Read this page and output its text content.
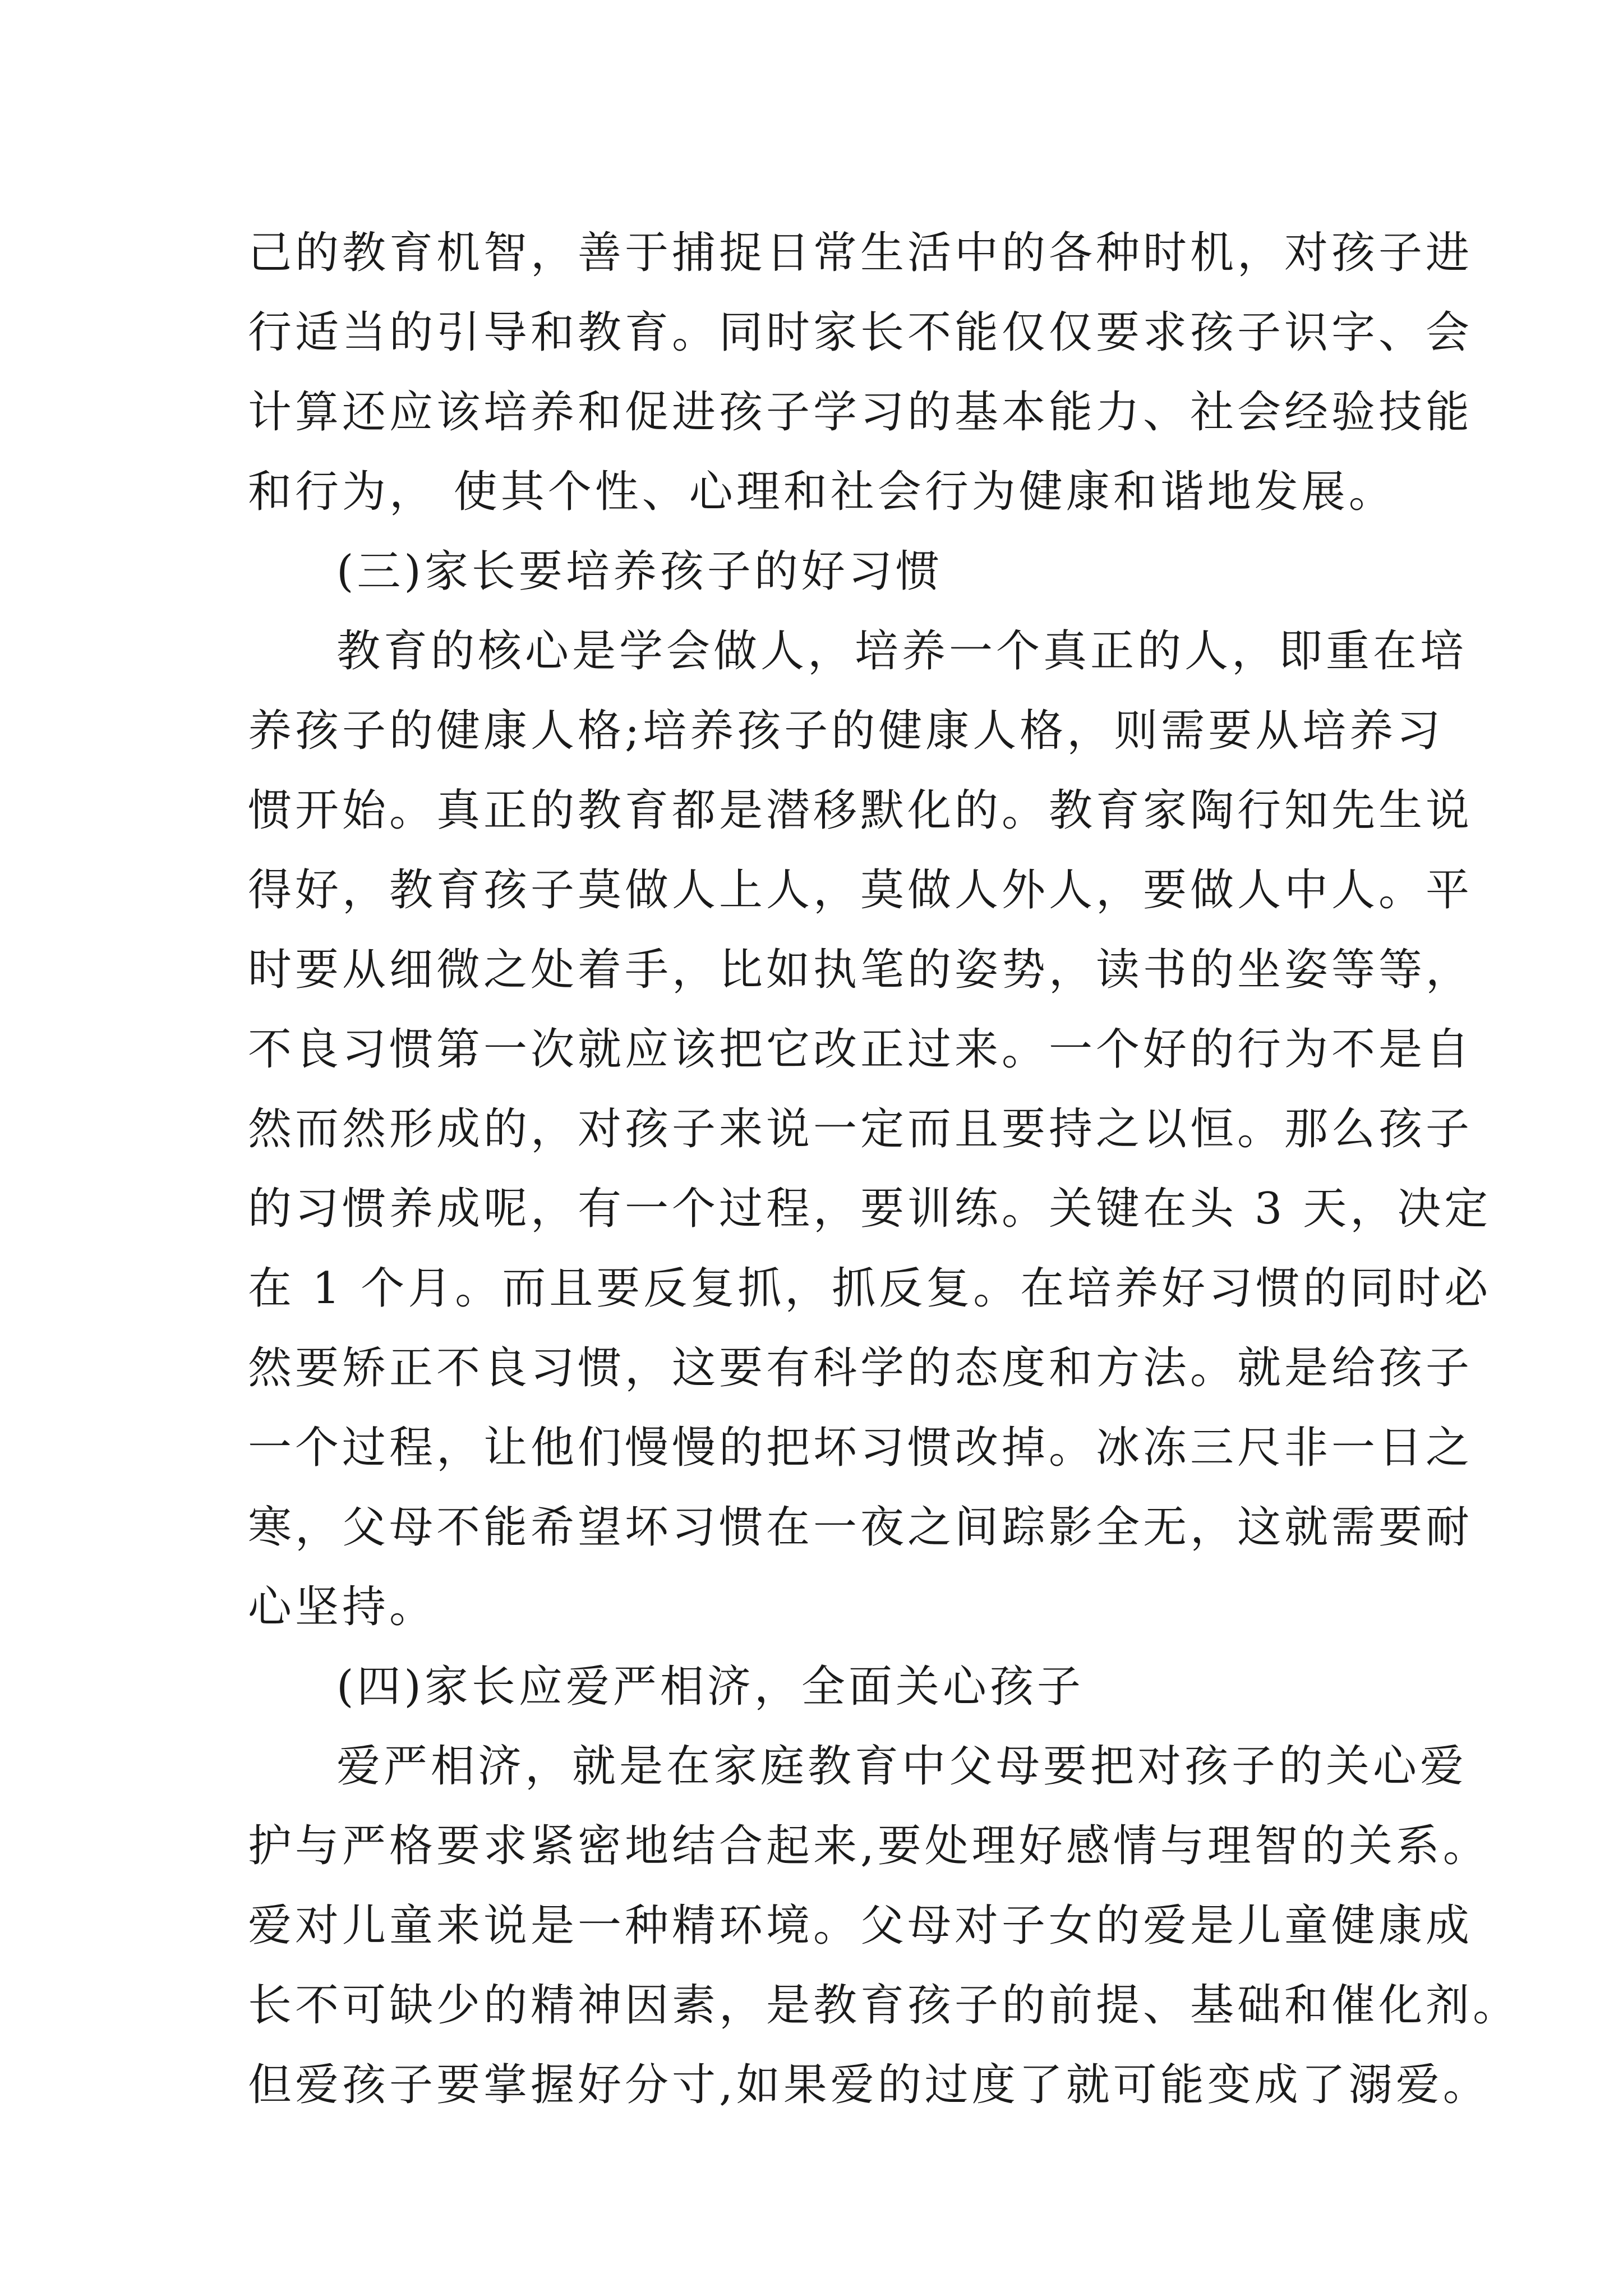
己的教育机智，善于捕捉日常生活中的各种时机，对孩子进
行适当的引导和教育。同时家长不能仅仅要求孩子识字、会
计算还应该培养和促进孩子学习的基本能力、社会经验技能
和行为， 使其个性、心理和社会行为健康和谐地发展。
(三)家长要培养孩子的好习惯
教育的核心是学会做人，培养一个真正的人，即重在培
养孩子的健康人格;培养孩子的健康人格，则需要从培养习
惯开始。真正的教育都是潜移默化的。教育家陶行知先生说
得好，教育孩子莫做人上人，莫做人外人，要做人中人。平
时要从细微之处着手，比如执笔的姿势，读书的坐姿等等，
不良习惯第一次就应该把它改正过来。一个好的行为不是自
然而然形成的，对孩子来说一定而且要持之以恒。那么孩子
的习惯养成呢，有一个过程，要训练。关键在头 3 天，决定
在 1 个月。而且要反复抓，抓反复。在培养好习惯的同时必
然要矫正不良习惯，这要有科学的态度和方法。就是给孩子
一个过程，让他们慢慢的把坏习惯改掉。冰冻三尺非一日之
寒，父母不能希望坏习惯在一夜之间踪影全无，这就需要耐
心坚持。
(四)家长应爱严相济，全面关心孩子
爱严相济，就是在家庭教育中父母要把对孩子的关心爱
护与严格要求紧密地结合起来,要处理好感情与理智的关系。
爱对儿童来说是一种精环境。父母对子女的爱是儿童健康成
长不可缺少的精神因素，是教育孩子的前提、基础和催化剂。
但爱孩子要掌握好分寸,如果爱的过度了就可能变成了溺爱。
